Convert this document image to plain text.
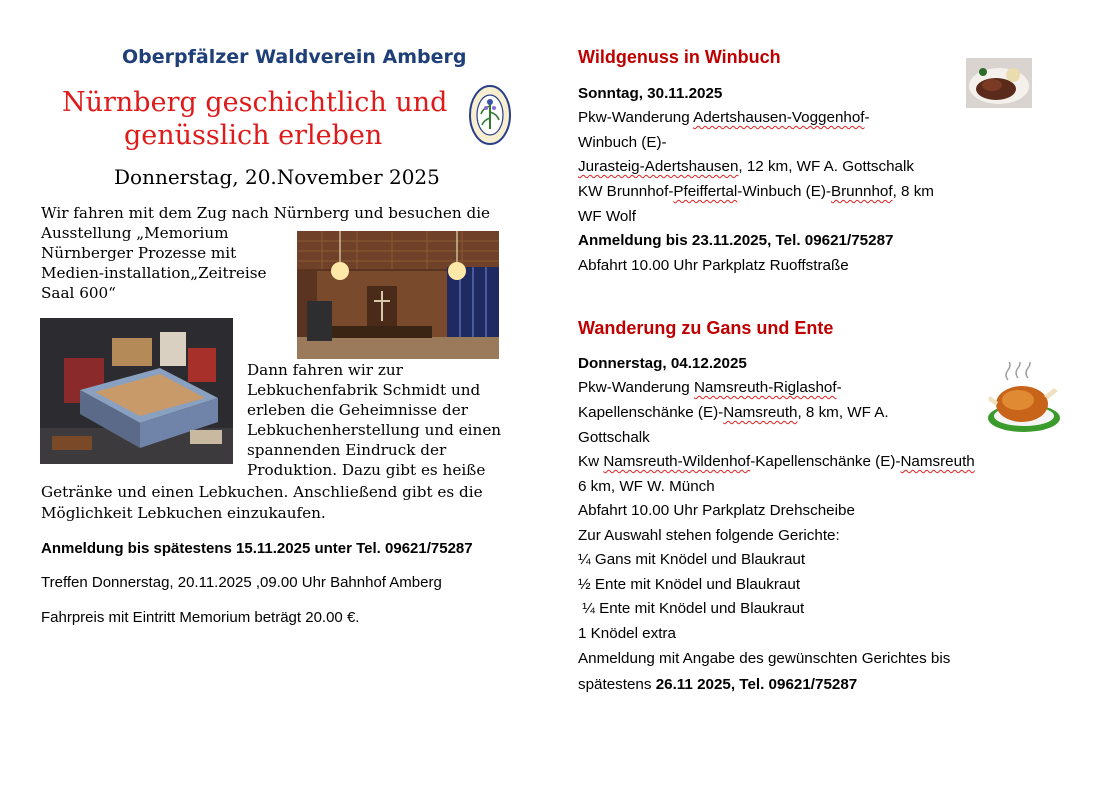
Oberpfälzer Waldverein Amberg
Nürnberg geschichtlich und
genüsslich erleben
Donnerstag, 20.November 2025
Wir fahren mit dem Zug nach Nürnberg und besuchen die
Ausstellung „Memorium
Nürnberger Prozesse mit
Medien-installation„Zeitreise
Saal 600“
Dann fahren wir zur
Lebkuchenfabrik Schmidt und
erleben die Geheimnisse der
Lebkuchenherstellung und einen
spannenden Eindruck der
Produktion. Dazu gibt es heiße
Getränke und einen Lebkuchen. Anschließend gibt es die
Möglichkeit Lebkuchen einzukaufen.
Anmeldung bis spätestens 15.11.2025 unter Tel. 09621/75287
Treffen Donnerstag, 20.11.2025 ,09.00 Uhr Bahnhof Amberg
Fahrpreis mit Eintritt Memorium beträgt 20.00 €.
Wildgenuss in Winbuch
Sonntag, 30.11.2025
Pkw-Wanderung Adertshausen-Voggenhof-
Winbuch (E)-
Jurasteig-Adertshausen, 12 km, WF A. Gottschalk
KW Brunnhof-Pfeiffertal-Winbuch (E)-Brunnhof, 8 km
WF Wolf
Anmeldung bis 23.11.2025, Tel. 09621/75287
Abfahrt 10.00 Uhr Parkplatz Ruoffstraße
Wanderung zu Gans und Ente
Donnerstag, 04.12.2025
Pkw-Wanderung Namsreuth-Riglashof-
Kapellenschänke (E)-Namsreuth, 8 km, WF A.
Gottschalk
Kw Namsreuth-Wildenhof-Kapellenschänke (E)-Namsreuth
6 km, WF W. Münch
Abfahrt 10.00 Uhr Parkplatz Drehscheibe
Zur Auswahl stehen folgende Gerichte:
¼ Gans mit Knödel und Blaukraut
½ Ente mit Knödel und Blaukraut
¼ Ente mit Knödel und Blaukraut
1 Knödel extra
Anmeldung mit Angabe des gewünschten Gerichtes bis
spätestens 26.11 2025, Tel. 09621/75287
